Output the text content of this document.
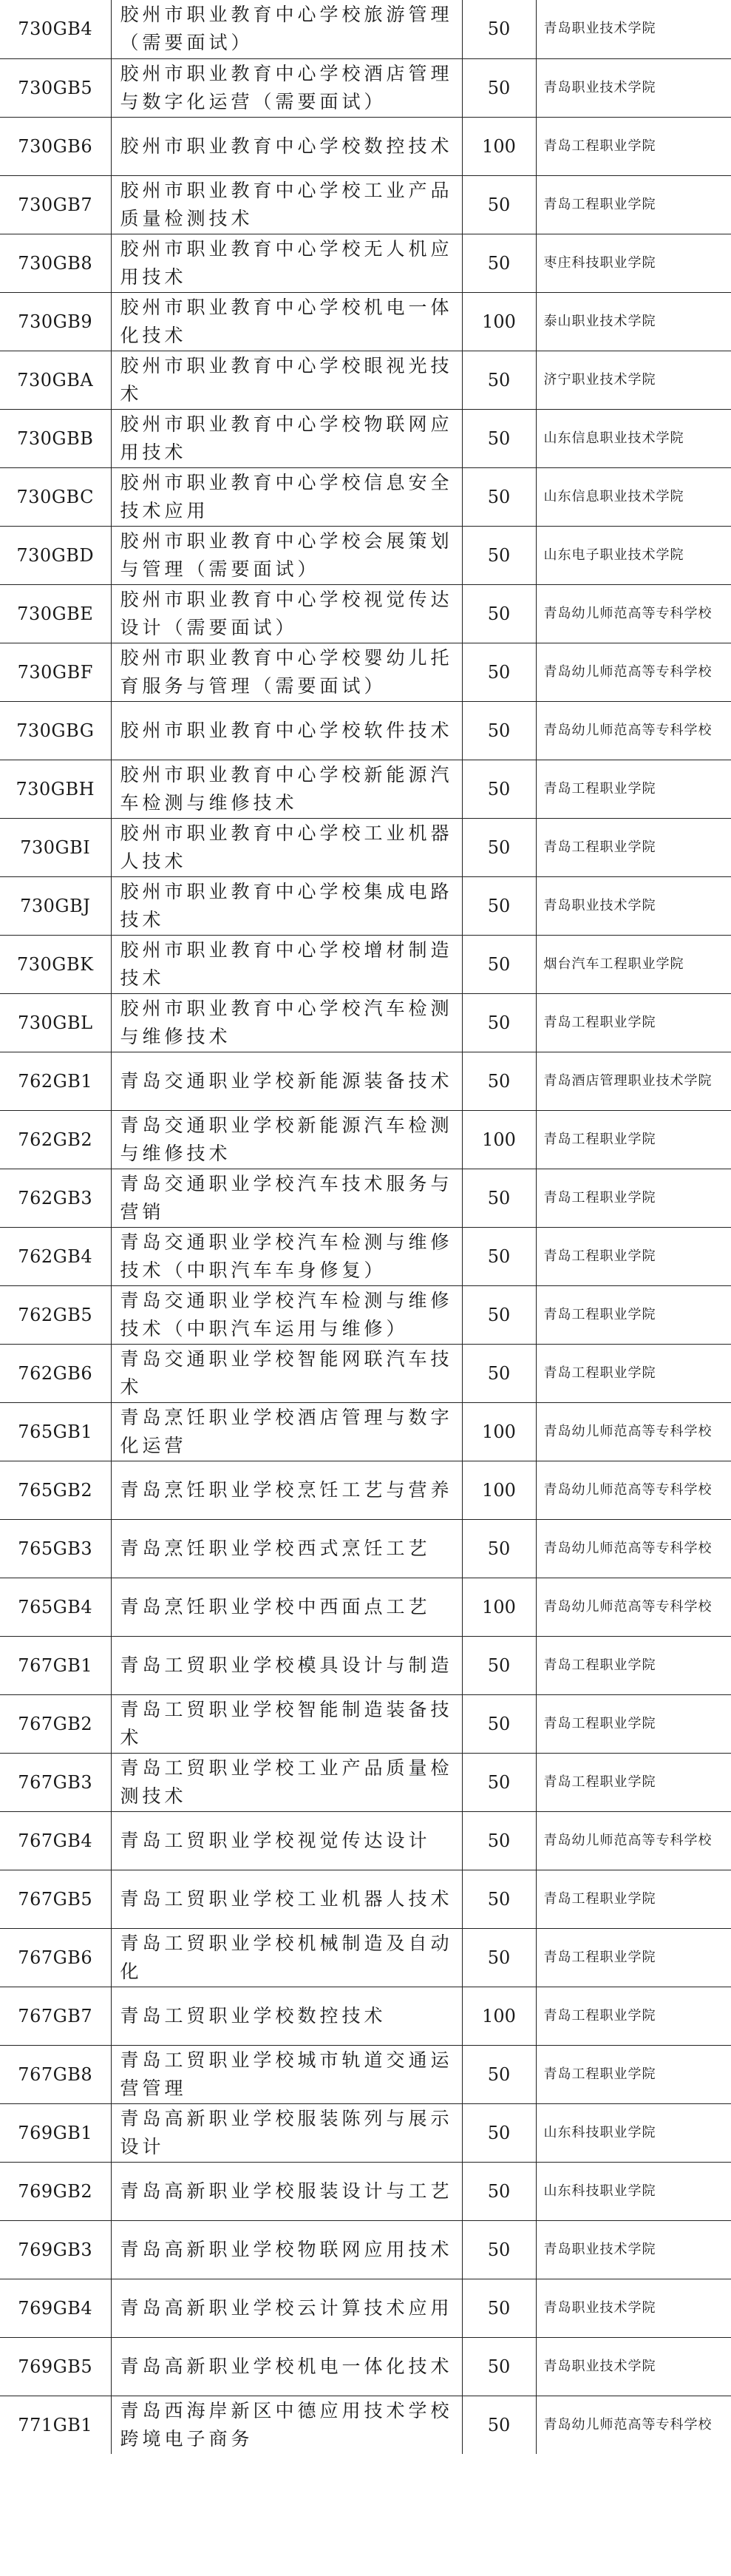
730GB4	胶州市职业教育中心学校旅游管理（需要面试）	50	青岛职业技术学院
730GB5	胶州市职业教育中心学校酒店管理与数字化运营（需要面试）	50	青岛职业技术学院
730GB6	胶州市职业教育中心学校数控技术	100	青岛工程职业学院
730GB7	胶州市职业教育中心学校工业产品质量检测技术	50	青岛工程职业学院
730GB8	胶州市职业教育中心学校无人机应用技术	50	枣庄科技职业学院
730GB9	胶州市职业教育中心学校机电一体化技术	100	泰山职业技术学院
730GBA	胶州市职业教育中心学校眼视光技术	50	济宁职业技术学院
730GBB	胶州市职业教育中心学校物联网应用技术	50	山东信息职业技术学院
730GBC	胶州市职业教育中心学校信息安全技术应用	50	山东信息职业技术学院
730GBD	胶州市职业教育中心学校会展策划与管理（需要面试）	50	山东电子职业技术学院
730GBE	胶州市职业教育中心学校视觉传达设计（需要面试）	50	青岛幼儿师范高等专科学校
730GBF	胶州市职业教育中心学校婴幼儿托育服务与管理（需要面试）	50	青岛幼儿师范高等专科学校
730GBG	胶州市职业教育中心学校软件技术	50	青岛幼儿师范高等专科学校
730GBH	胶州市职业教育中心学校新能源汽车检测与维修技术	50	青岛工程职业学院
730GBI	胶州市职业教育中心学校工业机器人技术	50	青岛工程职业学院
730GBJ	胶州市职业教育中心学校集成电路技术	50	青岛职业技术学院
730GBK	胶州市职业教育中心学校增材制造技术	50	烟台汽车工程职业学院
730GBL	胶州市职业教育中心学校汽车检测与维修技术	50	青岛工程职业学院
762GB1	青岛交通职业学校新能源装备技术	50	青岛酒店管理职业技术学院
762GB2	青岛交通职业学校新能源汽车检测与维修技术	100	青岛工程职业学院
762GB3	青岛交通职业学校汽车技术服务与营销	50	青岛工程职业学院
762GB4	青岛交通职业学校汽车检测与维修技术（中职汽车车身修复）	50	青岛工程职业学院
762GB5	青岛交通职业学校汽车检测与维修技术（中职汽车运用与维修）	50	青岛工程职业学院
762GB6	青岛交通职业学校智能网联汽车技术	50	青岛工程职业学院
765GB1	青岛烹饪职业学校酒店管理与数字化运营	100	青岛幼儿师范高等专科学校
765GB2	青岛烹饪职业学校烹饪工艺与营养	100	青岛幼儿师范高等专科学校
765GB3	青岛烹饪职业学校西式烹饪工艺	50	青岛幼儿师范高等专科学校
765GB4	青岛烹饪职业学校中西面点工艺	100	青岛幼儿师范高等专科学校
767GB1	青岛工贸职业学校模具设计与制造	50	青岛工程职业学院
767GB2	青岛工贸职业学校智能制造装备技术	50	青岛工程职业学院
767GB3	青岛工贸职业学校工业产品质量检测技术	50	青岛工程职业学院
767GB4	青岛工贸职业学校视觉传达设计	50	青岛幼儿师范高等专科学校
767GB5	青岛工贸职业学校工业机器人技术	50	青岛工程职业学院
767GB6	青岛工贸职业学校机械制造及自动化	50	青岛工程职业学院
767GB7	青岛工贸职业学校数控技术	100	青岛工程职业学院
767GB8	青岛工贸职业学校城市轨道交通运营管理	50	青岛工程职业学院
769GB1	青岛高新职业学校服装陈列与展示设计	50	山东科技职业学院
769GB2	青岛高新职业学校服装设计与工艺	50	山东科技职业学院
769GB3	青岛高新职业学校物联网应用技术	50	青岛职业技术学院
769GB4	青岛高新职业学校云计算技术应用	50	青岛职业技术学院
769GB5	青岛高新职业学校机电一体化技术	50	青岛职业技术学院
771GB1	青岛西海岸新区中德应用技术学校跨境电子商务	50	青岛幼儿师范高等专科学校
